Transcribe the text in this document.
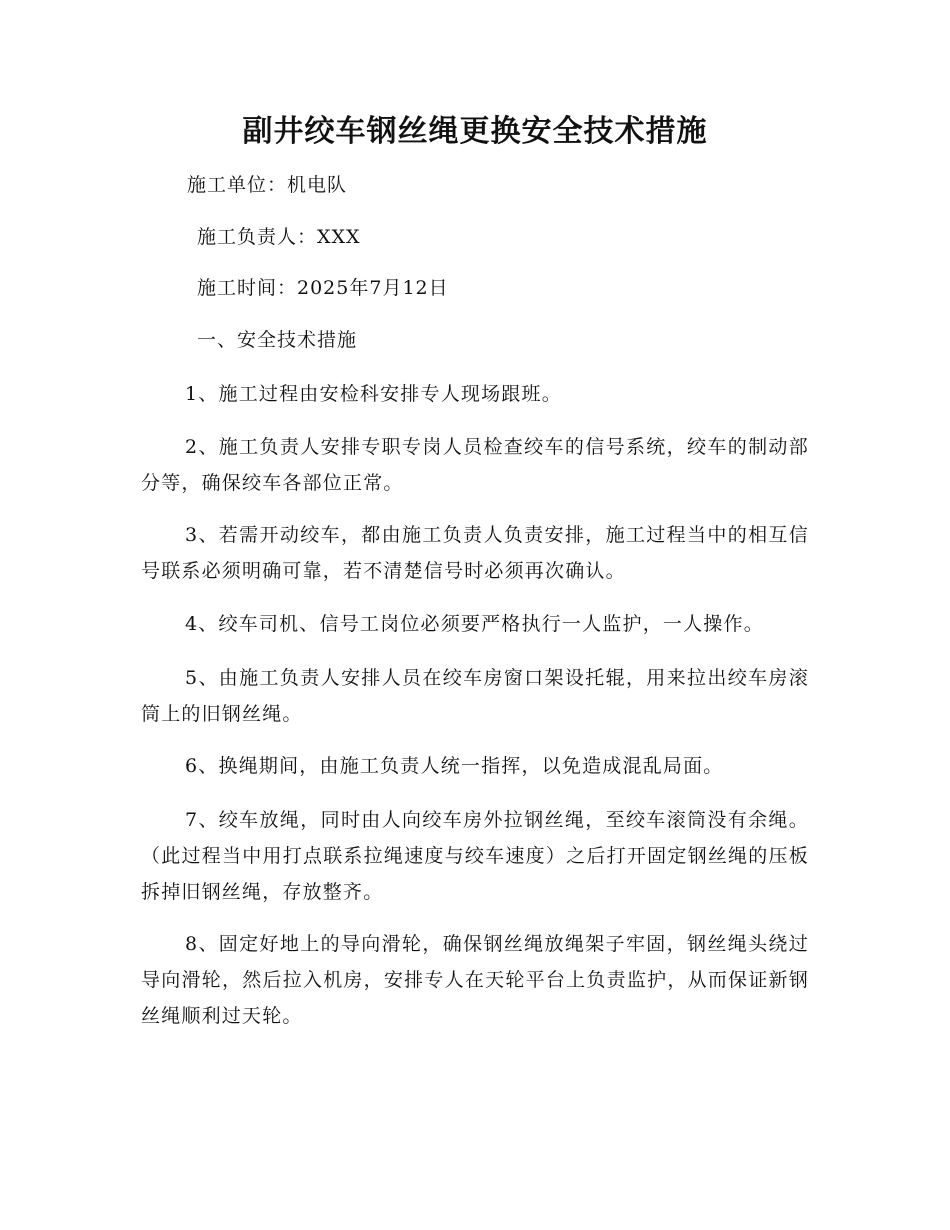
副井绞车钢丝绳更换安全技术措施
施工单位：机电队
施工负责人：XXX
施工时间：2025年7月12日
一、安全技术措施
1、施工过程由安检科安排专人现场跟班。
2、施工负责人安排专职专岗人员检查绞车的信号系统，绞车的制动部分等，确保绞车各部位正常。
3、若需开动绞车，都由施工负责人负责安排，施工过程当中的相互信号联系必须明确可靠，若不清楚信号时必须再次确认。
4、绞车司机、信号工岗位必须要严格执行一人监护，一人操作。
5、由施工负责人安排人员在绞车房窗口架设托辊，用来拉出绞车房滚筒上的旧钢丝绳。
6、换绳期间，由施工负责人统一指挥，以免造成混乱局面。
7、绞车放绳，同时由人向绞车房外拉钢丝绳，至绞车滚筒没有余绳。（此过程当中用打点联系拉绳速度与绞车速度）之后打开固定钢丝绳的压板拆掉旧钢丝绳，存放整齐。
8、固定好地上的导向滑轮，确保钢丝绳放绳架子牢固，钢丝绳头绕过导向滑轮，然后拉入机房，安排专人在天轮平台上负责监护，从而保证新钢丝绳顺利过天轮。
